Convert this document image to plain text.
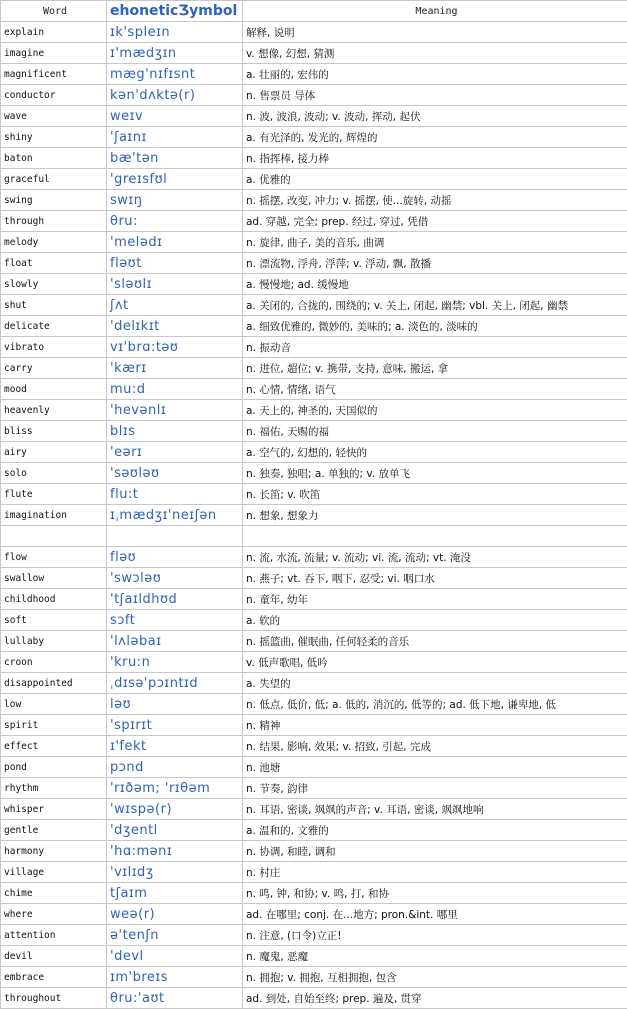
Word	ehoneticƷymbol	Meaning
explain	ɪk'spleɪn	解释, 说明
imagine	ɪ'mædʒɪn	v. 想像, 幻想, 猜测
magnificent	mæg'nɪfɪsnt	a. 壮丽的, 宏伟的
conductor	kən'dʌktə(r)	n. 售票员 导体
wave	weɪv	n. 波, 波浪, 波动; v. 波动, 挥动, 起伏
shiny	'ʃaɪnɪ	a. 有光泽的, 发光的, 辉煌的
baton	bæ'tən	n. 指挥棒, 接力棒
graceful	'greɪsfʊl	a. 优雅的
swing	swɪŋ	n. 摇摆, 改变, 冲力; v. 摇摆, 使...旋转, 动摇
through	θru:	ad. 穿越, 完全; prep. 经过, 穿过, 凭借
melody	'melədɪ	n. 旋律, 曲子, 美的音乐, 曲调
float	fləʊt	n. 漂流物, 浮舟, 浮萍; v. 浮动, 飘, 散播
slowly	'sləʊlɪ	a. 慢慢地; ad. 缓慢地
shut	ʃʌt	a. 关闭的, 合拢的, 围绕的; v. 关上, 闭起, 幽禁; vbl. 关上, 闭起, 幽禁
delicate	'delɪkɪt	a. 细致优雅的, 微妙的, 美味的; a. 淡色的, 淡味的
vibrato	vɪ'brɑ:təʊ	n. 振动音
carry	'kærɪ	n. 进位, 超位; v. 携带, 支持, 意味, 搬运, 拿
mood	mu:d	n. 心情, 情绪, 语气
heavenly	'hevənlɪ	a. 天上的, 神圣的, 天国似的
bliss	blɪs	n. 福佑, 天赐的福
airy	'eərɪ	a. 空气的, 幻想的, 轻快的
solo	'səʊləʊ	n. 独奏, 独唱; a. 单独的; v. 放单飞
flute	flu:t	n. 长笛; v. 吹笛
imagination	ɪˌmædʒɪ'neɪʃən	n. 想象, 想象力

flow	fləʊ	n. 流, 水流, 流量; v. 流动; vi. 流, 流动; vt. 淹没
swallow	'swɔləʊ	n. 燕子; vt. 吞下, 咽下, 忍受; vi. 咽口水
childhood	'tʃaɪldhʊd	n. 童年, 幼年
soft	sɔft	a. 软的
lullaby	'lʌləbaɪ	n. 摇篮曲, 催眠曲, 任何轻柔的音乐
croon	'kru:n	v. 低声歌唱, 低吟
disappointed	ˌdɪsə'pɔɪntɪd	a. 失望的
low	ləʊ	n. 低点, 低价, 低; a. 低的, 消沉的, 低等的; ad. 低下地, 谦卑地, 低
spirit	'spɪrɪt	n. 精神
effect	ɪ'fekt	n. 结果, 影响, 效果; v. 招致, 引起, 完成
pond	pɔnd	n. 池塘
rhythm	'rɪðəm; 'rɪθəm	n. 节奏, 韵律
whisper	'wɪspə(r)	n. 耳语, 密谈, 飒飒的声音; v. 耳语, 密谈, 飒飒地响
gentle	'dʒentl	a. 温和的, 文雅的
harmony	'hɑ:mənɪ	n. 协调, 和睦, 调和
village	'vɪlɪdʒ	n. 村庄
chime	tʃaɪm	n. 鸣, 钟, 和协; v. 鸣, 打, 和协
where	weə(r)	ad. 在哪里; conj. 在...地方; pron.&int. 哪里
attention	ə'tenʃn	n. 注意, (口令)立正!
devil	'devl	n. 魔鬼, 恶魔
embrace	ɪm'breɪs	n. 拥抱; v. 拥抱, 互相拥抱, 包含
throughout	θru:'aʊt	ad. 到处, 自始至终; prep. 遍及, 贯穿
